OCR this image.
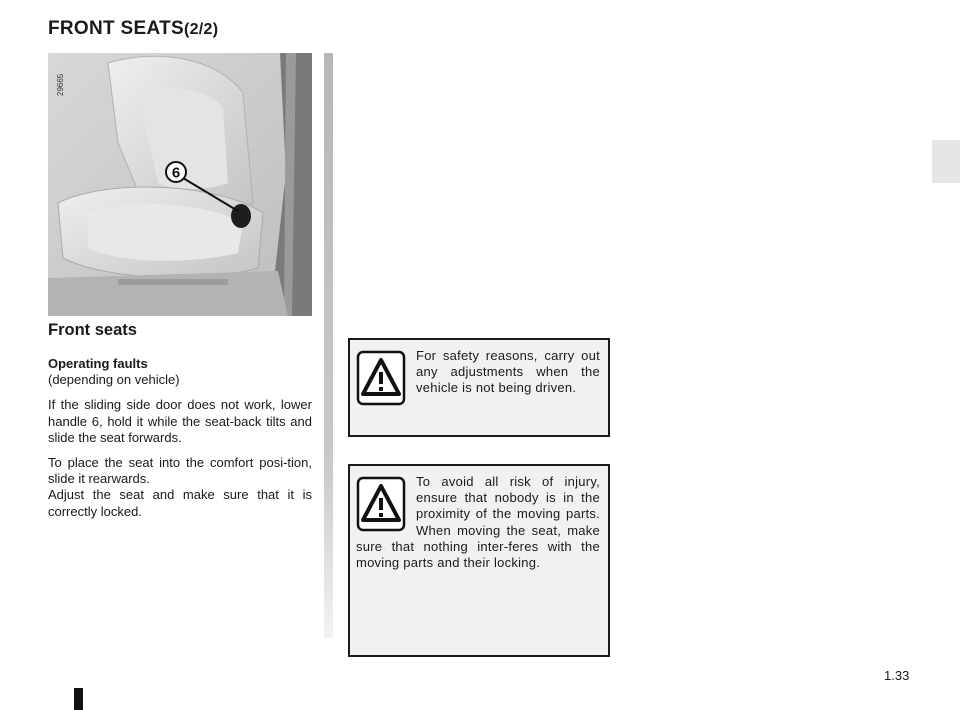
FRONT SEATS(2/2)
6
29665
Front seats

Operating faults
(depending on vehicle)

If the sliding side door does not work, lower handle 6, hold it while the seat-back tilts and slide the seat forwards.

To place the seat into the comfort posi-tion, slide it rearwards.

Adjust the seat and make sure that it is correctly locked.

For safety reasons, carry out any adjustments when the vehicle is not being driven.
To avoid all risk of injury, ensure that nobody is in the proximity of the moving parts. When moving the seat, make sure that nothing inter-feres with the moving parts and their locking.
1.33
